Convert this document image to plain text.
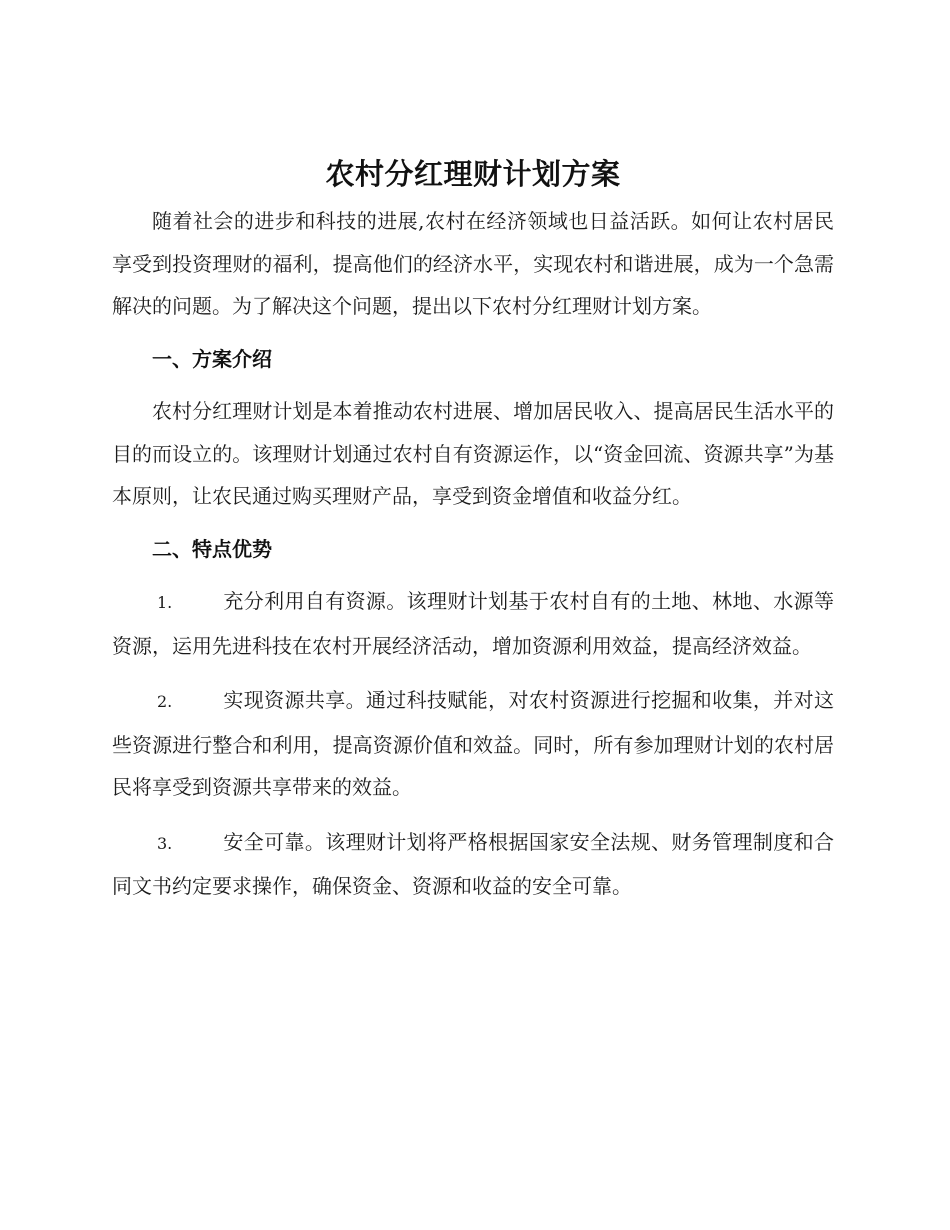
农村分红理财计划方案

随着社会的进步和科技的进展,农村在经济领域也日益活跃。如何让农村居民享受到投资理财的福利，提高他们的经济水平，实现农村和谐进展，成为一个急需解决的问题。为了解决这个问题，提出以下农村分红理财计划方案。

一、方案介绍

农村分红理财计划是本着推动农村进展、增加居民收入、提高居民生活水平的目的而设立的。该理财计划通过农村自有资源运作，以“资金回流、资源共享”为基本原则，让农民通过购买理财产品，享受到资金增值和收益分红。

二、特点优势

1.	充分利用自有资源。该理财计划基于农村自有的土地、林地、水源等资源，运用先进科技在农村开展经济活动，增加资源利用效益，提高经济效益。

2.	实现资源共享。通过科技赋能，对农村资源进行挖掘和收集，并对这些资源进行整合和利用，提高资源价值和效益。同时，所有参加理财计划的农村居民将享受到资源共享带来的效益。

3.	安全可靠。该理财计划将严格根据国家安全法规、财务管理制度和合同文书约定要求操作，确保资金、资源和收益的安全可靠。
